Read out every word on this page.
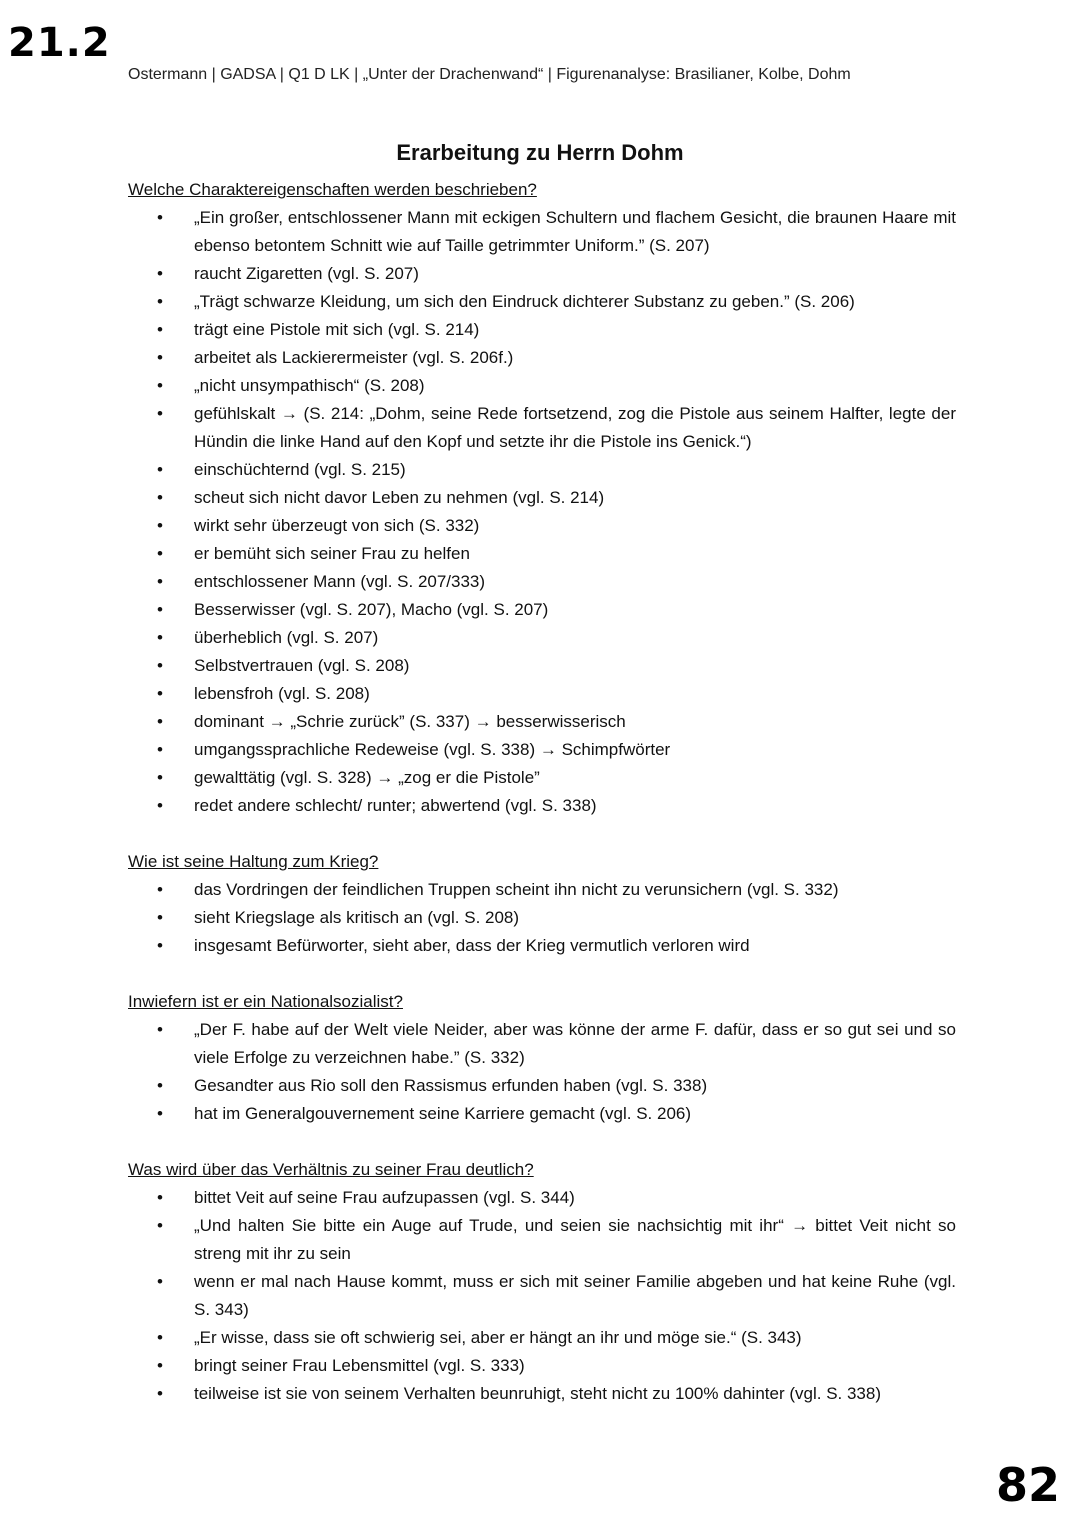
21.2
Ostermann | GADSA | Q1 D LK | „Unter der Drachenwand“ | Figurenanalyse: Brasilianer, Kolbe, Dohm
Erarbeitung zu Herrn Dohm

Welche Charaktereigenschaften werden beschrieben?

• „Ein großer, entschlossener Mann mit eckigen Schultern und flachem Gesicht, die braunen Haare mit ebenso betontem Schnitt wie auf Taille getrimmter Uniform.” (S. 207)
• raucht Zigaretten (vgl. S. 207)
• „Trägt schwarze Kleidung, um sich den Eindruck dichterer Substanz zu geben.” (S. 206)
• trägt eine Pistole mit sich (vgl. S. 214)
• arbeitet als Lackierermeister (vgl. S. 206f.)
• „nicht unsympathisch“ (S. 208)
• gefühlskalt → (S. 214: „Dohm, seine Rede fortsetzend, zog die Pistole aus seinem Halfter, legte der Hündin die linke Hand auf den Kopf und setzte ihr die Pistole ins Genick.“)
• einschüchternd (vgl. S. 215)
• scheut sich nicht davor Leben zu nehmen (vgl. S. 214)
• wirkt sehr überzeugt von sich (S. 332)
• er bemüht sich seiner Frau zu helfen
• entschlossener Mann (vgl. S. 207/333)
• Besserwisser (vgl. S. 207), Macho (vgl. S. 207)
• überheblich (vgl. S. 207)
• Selbstvertrauen (vgl. S. 208)
• lebensfroh (vgl. S. 208)
• dominant → „Schrie zurück” (S. 337) → besserwisserisch
• umgangssprachliche Redeweise (vgl. S. 338) → Schimpfwörter
• gewalttätig (vgl. S. 328) → „zog er die Pistole”
• redet andere schlecht/ runter; abwertend (vgl. S. 338)

Wie ist seine Haltung zum Krieg?

• das Vordringen der feindlichen Truppen scheint ihn nicht zu verunsichern (vgl. S. 332)
• sieht Kriegslage als kritisch an (vgl. S. 208)
• insgesamt Befürworter, sieht aber, dass der Krieg vermutlich verloren wird

Inwiefern ist er ein Nationalsozialist?

• „Der F. habe auf der Welt viele Neider, aber was könne der arme F. dafür, dass er so gut sei und so viele Erfolge zu verzeichnen habe.” (S. 332)
• Gesandter aus Rio soll den Rassismus erfunden haben (vgl. S. 338)
• hat im Generalgouvernement seine Karriere gemacht (vgl. S. 206)

Was wird über das Verhältnis zu seiner Frau deutlich?

• bittet Veit auf seine Frau aufzupassen (vgl. S. 344)
• „Und halten Sie bitte ein Auge auf Trude, und seien sie nachsichtig mit ihr“ → bittet Veit nicht so streng mit ihr zu sein
• wenn er mal nach Hause kommt, muss er sich mit seiner Familie abgeben und hat keine Ruhe (vgl. S. 343)
• „Er wisse, dass sie oft schwierig sei, aber er hängt an ihr und möge sie.“ (S. 343)
• bringt seiner Frau Lebensmittel (vgl. S. 333)
• teilweise ist sie von seinem Verhalten beunruhigt, steht nicht zu 100% dahinter (vgl. S. 338)
82
